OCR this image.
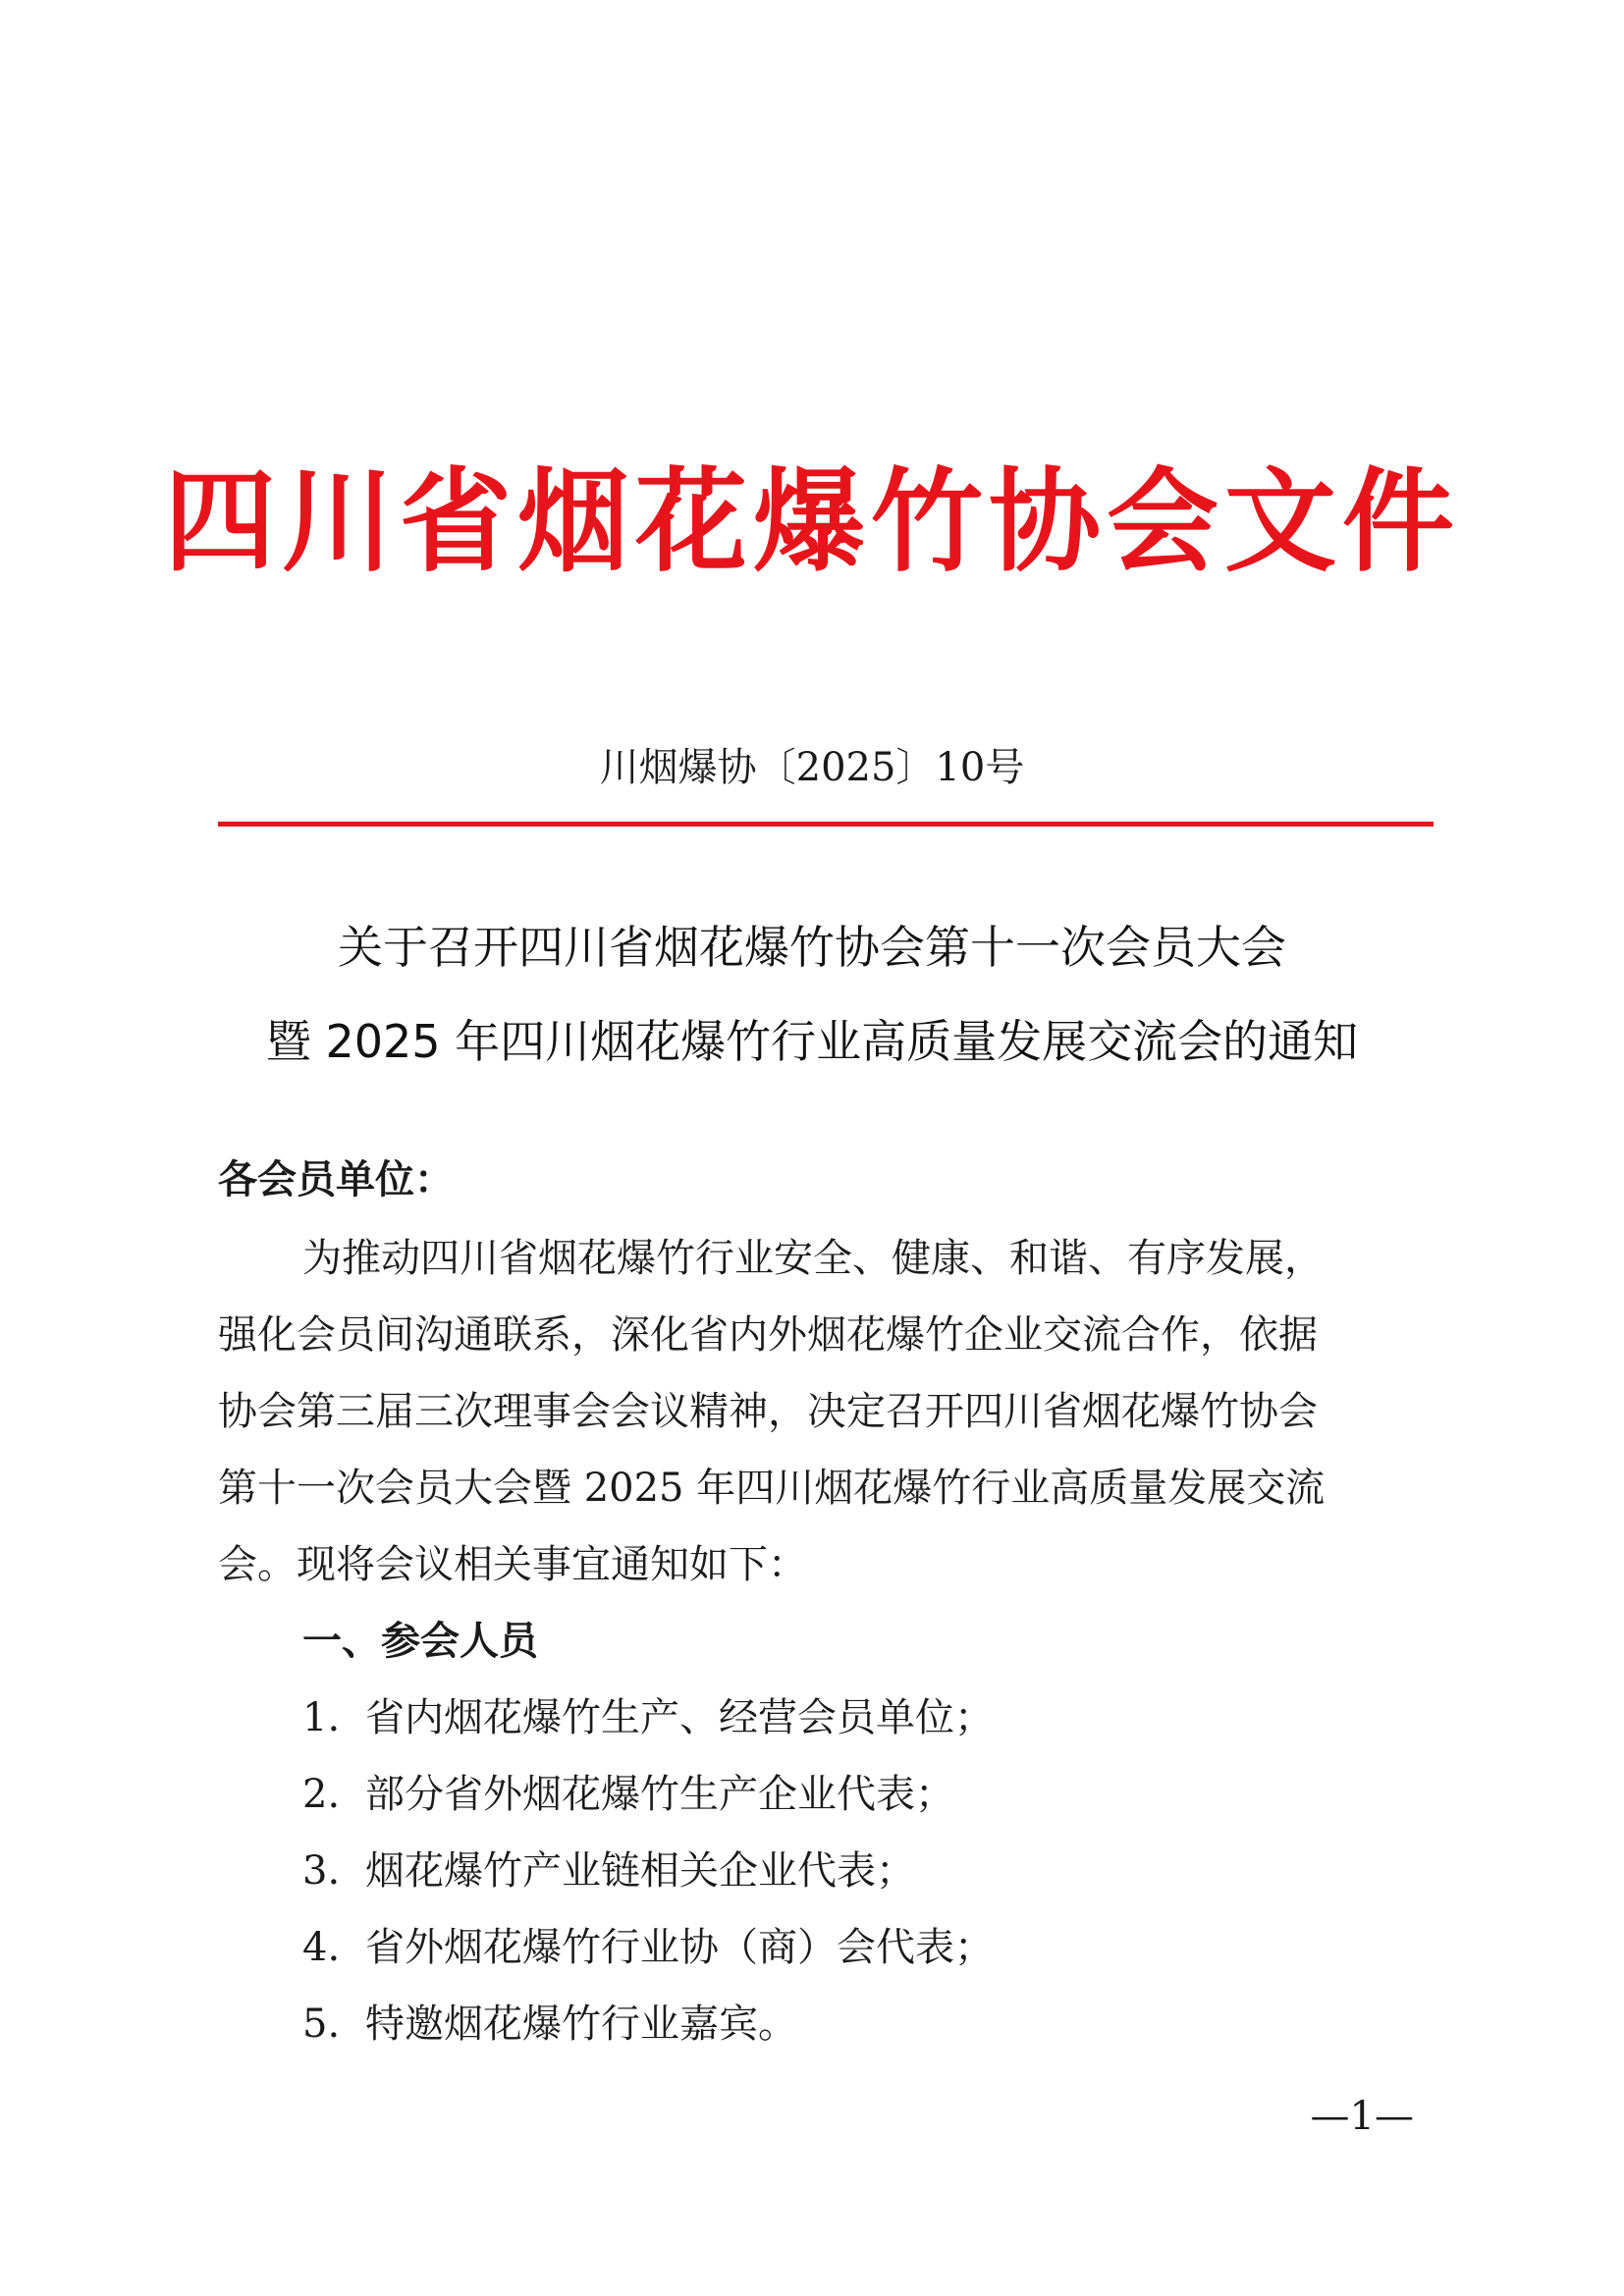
四川省烟花爆竹协会文件
川烟爆协〔2025〕10号
关于召开四川省烟花爆竹协会第十一次会员大会
暨 2025 年四川烟花爆竹行业高质量发展交流会的通知
各会员单位：
为推动四川省烟花爆竹行业安全、健康、和谐、有序发展，
强化会员间沟通联系，深化省内外烟花爆竹企业交流合作，依据
协会第三届三次理事会会议精神，决定召开四川省烟花爆竹协会
第十一次会员大会暨 2025 年四川烟花爆竹行业高质量发展交流
会。现将会议相关事宜通知如下：
一、参会人员
1. 省内烟花爆竹生产、经营会员单位；
2. 部分省外烟花爆竹生产企业代表；
3. 烟花爆竹产业链相关企业代表；
4. 省外烟花爆竹行业协（商）会代表；
5. 特邀烟花爆竹行业嘉宾。
—1—
